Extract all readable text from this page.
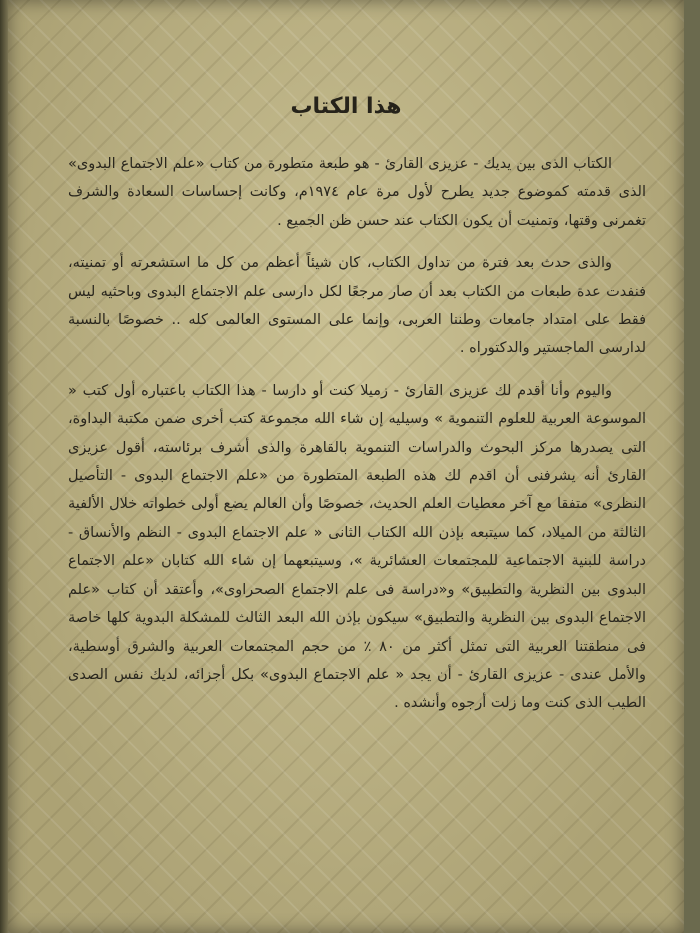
هذا الكتاب

الكتاب الذى بين يديك - عزيزى القارئ - هو طبعة متطورة من كتاب «علم الاجتماع البدوى» الذى قدمته كموضوع جديد يطرح لأول مرة عام ١٩٧٤م، وكانت إحساسات السعادة والشرف تغمرنى وقتها، وتمنيت أن يكون الكتاب عند حسن ظن الجميع .

والذى حدث بعد فترة من تداول الكتاب، كان شيئاً أعظم من كل ما استشعرته أو تمنيته، فنفدت عدة طبعات من الكتاب بعد أن صار مرجعًا لكل دارسى علم الاجتماع البدوى وباحثيه ليس فقط على امتداد جامعات وطننا العربى، وإنما على المستوى العالمى كله .. خصوصًا بالنسبة لدارسى الماجستير والدكتوراه .

واليوم وأنا أقدم لك عزيزى القارئ - زميلا كنت أو دارسا - هذا الكتاب باعتباره أول كتب « الموسوعة العربية للعلوم التنموية » وسيليه إن شاء الله مجموعة كتب أخرى ضمن مكتبة البداوة، التى يصدرها مركز البحوث والدراسات التنموية بالقاهرة والذى أشرف برئاسته، أقول عزيزى القارئ أنه يشرفنى أن اقدم لك هذه الطبعة المتطورة من «علم الاجتماع البدوى - التأصيل النظرى» متفقا مع آخر معطيات العلم الحديث، خصوصًا وأن العالم يضع أولى خطواته خلال الألفية الثالثة من الميلاد، كما سيتبعه بإذن الله الكتاب الثانى « علم الاجتماع البدوى - النظم والأنساق - دراسة للبنية الاجتماعية للمجتمعات العشائرية »، وسيتبعهما إن شاء الله كتابان «علم الاجتماع البدوى بين النظرية والتطبيق» و«دراسة فى علم الاجتماع الصحراوى»، وأعتقد أن كتاب «علم الاجتماع البدوى بين النظرية والتطبيق» سيكون بإذن الله البعد الثالث للمشكلة البدوية كلها خاصة فى منطقتنا العربية التى تمثل أكثر من ٨٠ ٪ من حجم المجتمعات العربية والشرق أوسطية، والأمل عندى - عزيزى القارئ - أن يجد « علم الاجتماع البدوى» بكل أجزائه، لديك نفس الصدى الطيب الذى كنت وما زلت أرجوه وأنشده .
